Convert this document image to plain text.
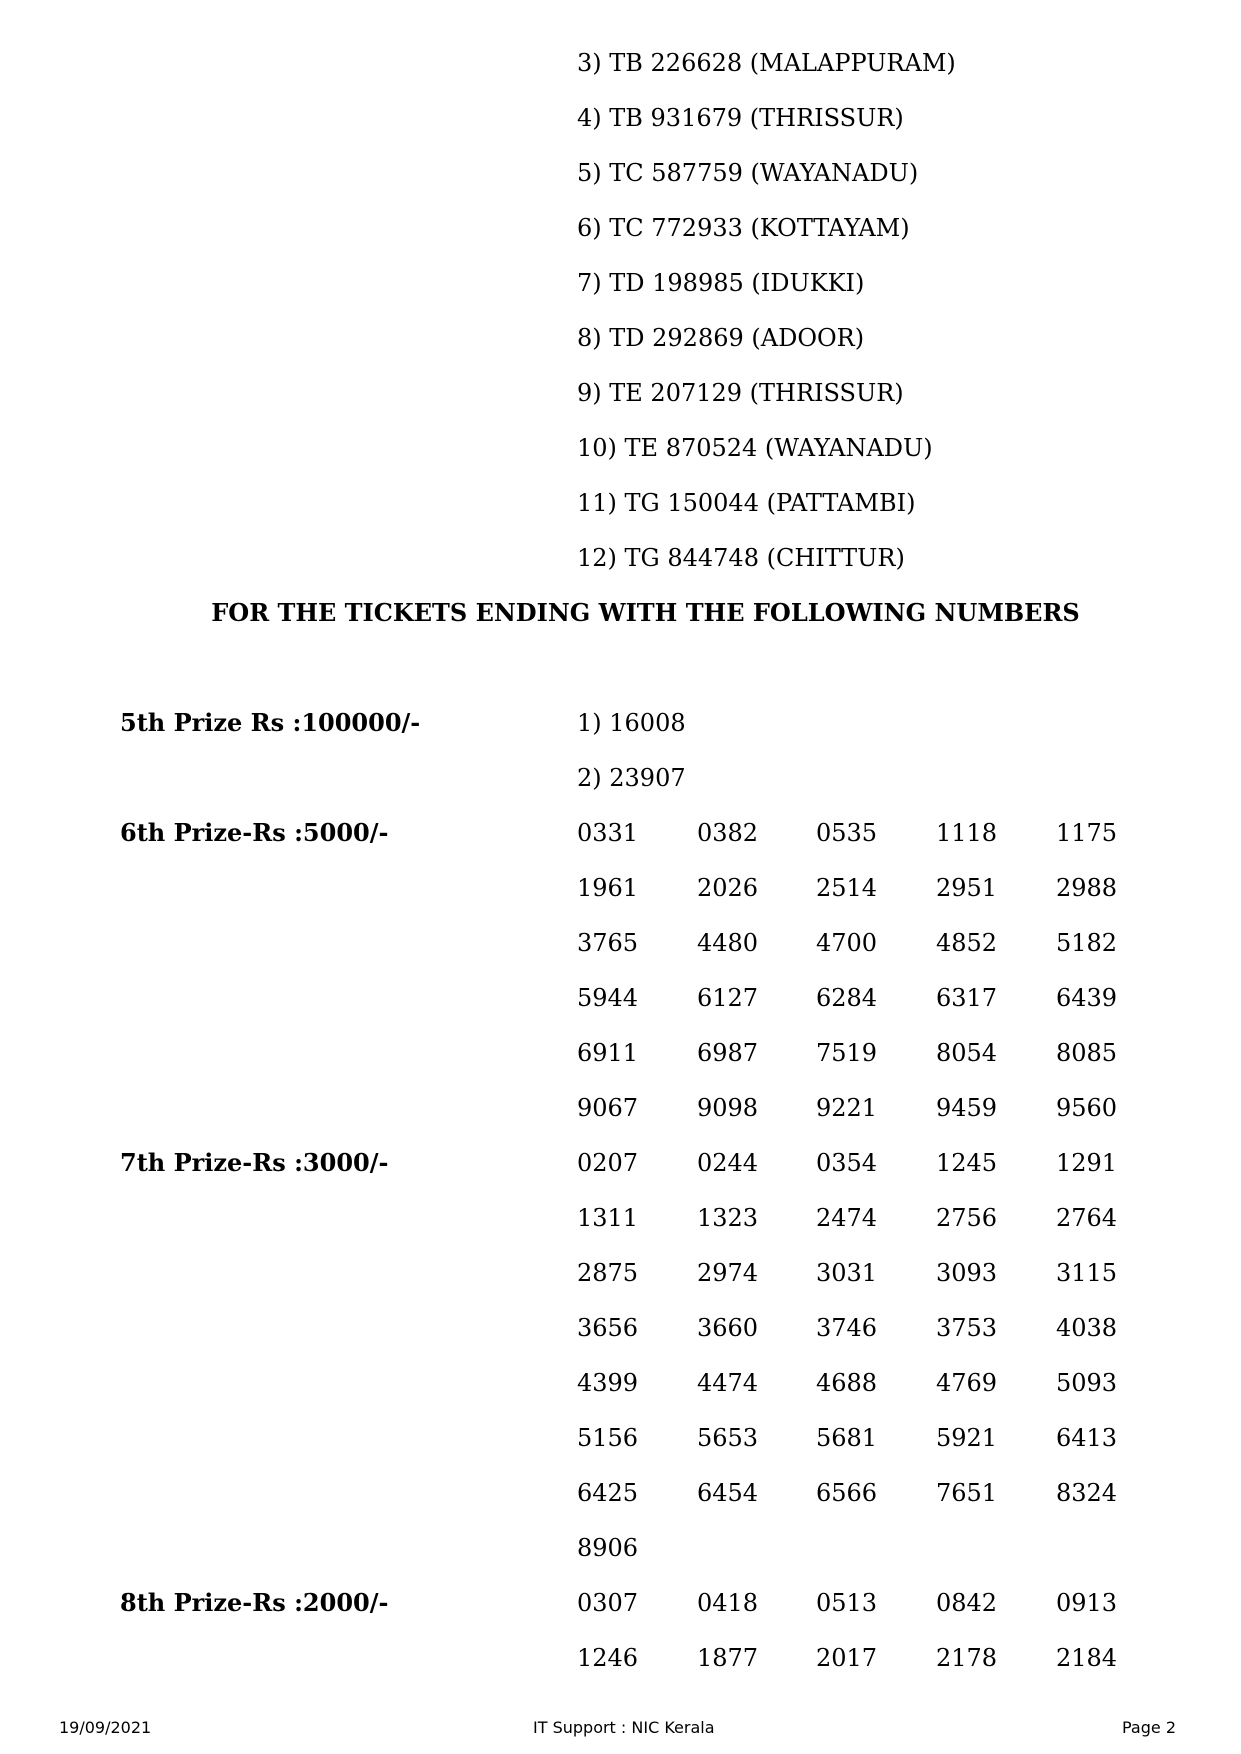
3) TB 226628 (MALAPPURAM)
4) TB 931679 (THRISSUR)
5) TC 587759 (WAYANADU)
6) TC 772933 (KOTTAYAM)
7) TD 198985 (IDUKKI)
8) TD 292869 (ADOOR)
9) TE 207129 (THRISSUR)
10) TE 870524 (WAYANADU)
11) TG 150044 (PATTAMBI)
12) TG 844748 (CHITTUR)
FOR THE TICKETS ENDING WITH THE FOLLOWING NUMBERS
5th Prize Rs :100000/-	1) 16008
2) 23907
6th Prize-Rs :5000/-	0331 0382 0535 1118 1175
1961 2026 2514 2951 2988
3765 4480 4700 4852 5182
5944 6127 6284 6317 6439
6911 6987 7519 8054 8085
9067 9098 9221 9459 9560
7th Prize-Rs :3000/-	0207 0244 0354 1245 1291
1311 1323 2474 2756 2764
2875 2974 3031 3093 3115
3656 3660 3746 3753 4038
4399 4474 4688 4769 5093
5156 5653 5681 5921 6413
6425 6454 6566 7651 8324
8906
8th Prize-Rs :2000/-	0307 0418 0513 0842 0913
1246 1877 2017 2178 2184
19/09/2021	IT Support : NIC Kerala	Page 2
